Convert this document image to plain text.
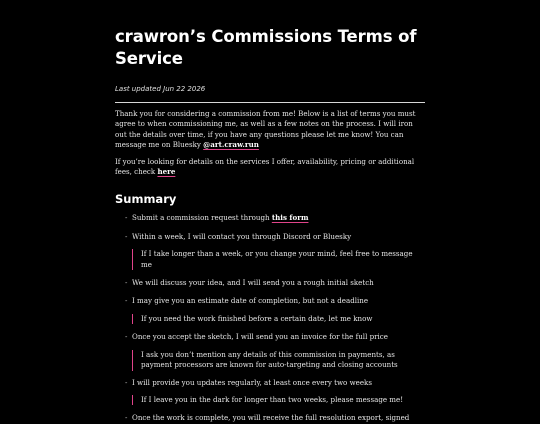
crawron’s Commissions Terms of Service
Last updated Jun 22 2026

Thank you for considering a commission from me! Below is a list of terms you must agree to when commissioning me, as well as a few notes on the process. I will iron out the details over time, if you have any questions please let me know! You can message me on Bluesky @art.craw.run

If you’re looking for details on the services I offer, availability, pricing or additional fees, check here

Summary
- Submit a commission request through this form
- Within a week, I will contact you through Discord or Bluesky
If I take longer than a week, or you change your mind, feel free to message me
- We will discuss your idea, and I will send you a rough initial sketch
- I may give you an estimate date of completion, but not a deadline
If you need the work finished before a certain date, let me know
- Once you accept the sketch, I will send you an invoice for the full price
I ask you don’t mention any details of this commission in payments, as payment processors are known for auto-targeting and closing accounts
- I will provide you updates regularly, at least once every two weeks
If I leave you in the dark for longer than two weeks, please message me!
- Once the work is complete, you will receive the full resolution export, signed
